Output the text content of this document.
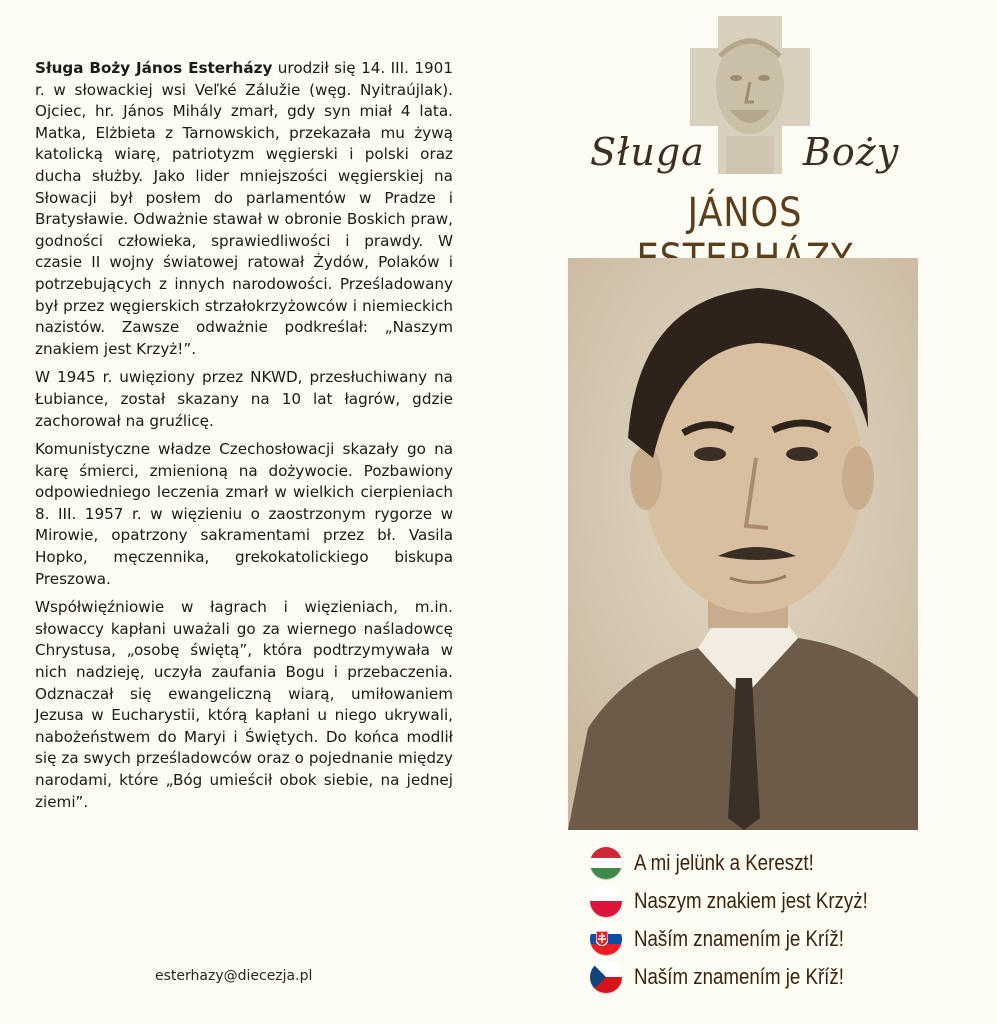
Sługa Boży János Esterházy urodził się 14. III. 1901 r. w słowackiej wsi Veľké Zálužie (węg. Nyitraújlak). Ojciec, hr. János Mihály zmarł, gdy syn miał 4 lata. Matka, Elżbieta z Tarnowskich, przekazała mu żywą katolicką wiarę, patriotyzm węgierski i polski oraz ducha służby. Jako lider mniejszości węgierskiej na Słowacji był posłem do parlamentów w Pradze i Bratysławie. Odważnie stawał w obronie Boskich praw, godności człowieka, sprawiedliwości i prawdy. W czasie II wojny światowej ratował Żydów, Polaków i potrzebujących z innych narodowości. Prześladowany był przez węgierskich strzałokrzyżowców i niemieckich nazistów. Zawsze odważnie podkreślał: „Naszym znakiem jest Krzyż!”.

W 1945 r. uwięziony przez NKWD, przesłuchiwany na Łubiance, został skazany na 10 lat łagrów, gdzie zachorował na gruźlicę.

Komunistyczne władze Czechosłowacji skazały go na karę śmierci, zmienioną na dożywocie. Pozbawiony odpowiedniego leczenia zmarł w wielkich cierpieniach 8. III. 1957 r. w więzieniu o zaostrzonym rygorze w Mirowie, opatrzony sakramentami przez bł. Vasila Hopko, męczennika, grekokatolickiego biskupa Preszowa.

Współwięźniowie w łagrach i więzieniach, m.in. słowaccy kapłani uważali go za wiernego naśladowcę Chrystusa, „osobę świętą”, która podtrzymywała w nich nadzieję, uczyła zaufania Bogu i przebaczenia. Odznaczał się ewangeliczną wiarą, umiłowaniem Jezusa w Eucharystii, którą kapłani u niego ukrywali, nabożeństwem do Maryi i Świętych. Do końca modlił się za swych prześladowców oraz o pojednanie między narodami, które „Bóg umieścił obok siebie, na jednej ziemi”.

esterhazy@diecezja.pl
Sługa	Boży
JÁNOS
A mi jelünk a Kereszt!
Naszym znakiem jest Krzyż!
Naším znamením je Kríž!
Naším znamením je Kříž!
